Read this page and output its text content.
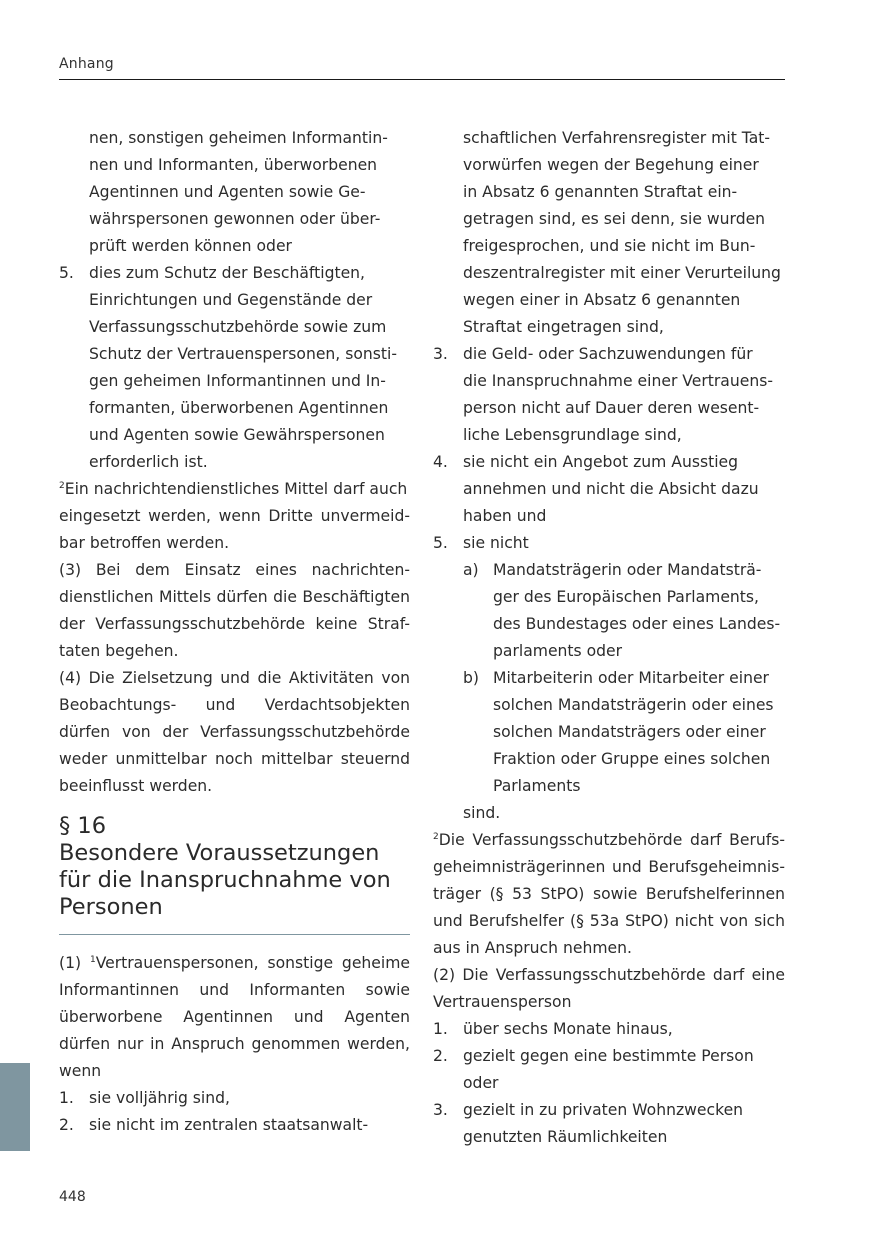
Anhang
448
nen, sonstigen geheimen Informantin-
nen und Informanten, überworbenen
Agentinnen und Agenten sowie Ge-
währspersonen gewonnen oder über-
prüft werden können oder
5. dies zum Schutz der Beschäftigten,
Einrichtungen und Gegenstände der
Verfassungsschutzbehörde sowie zum
Schutz der Vertrauenspersonen, sonsti-
gen geheimen Informantinnen und In-
formanten, überworbenen Agentinnen
und Agenten sowie Gewährspersonen
erforderlich ist.
$^2$Ein nachrichtendienstliches Mittel darf auch
eingesetzt werden, wenn Dritte unvermeid-
bar betroffen werden.
(3) Bei dem Einsatz eines nachrichten-
dienstlichen Mittels dürfen die Beschäftigten
der Verfassungsschutzbehörde keine Straf-
taten begehen.
(4) Die Zielsetzung und die Aktivitäten von
Beobachtungs- und Verdachtsobjekten
dürfen von der Verfassungsschutzbehörde
weder unmittelbar noch mittelbar steuernd
beeinflusst werden.
§ 16
Besondere Voraussetzungen
für die Inanspruchnahme von
Personen
(1) $^1$Vertrauenspersonen, sonstige geheime
Informantinnen und Informanten sowie
überworbene Agentinnen und Agenten
dürfen nur in Anspruch genommen werden,
wenn
1. sie volljährig sind,
2. sie nicht im zentralen staatsanwalt-
schaftlichen Verfahrensregister mit Tat-
vorwürfen wegen der Begehung einer
in Absatz 6 genannten Straftat ein-
getragen sind, es sei denn, sie wurden
freigesprochen, und sie nicht im Bun-
deszentralregister mit einer Verurteilung
wegen einer in Absatz 6 genannten
Straftat eingetragen sind,
3. die Geld- oder Sachzuwendungen für
die Inanspruchnahme einer Vertrauens-
person nicht auf Dauer deren wesent-
liche Lebensgrundlage sind,
4. sie nicht ein Angebot zum Ausstieg
annehmen und nicht die Absicht dazu
haben und
5. sie nicht
a) Mandatsträgerin oder Mandatsträ-
ger des Europäischen Parlaments,
des Bundestages oder eines Landes-
parlaments oder
b) Mitarbeiterin oder Mitarbeiter einer
solchen Mandatsträgerin oder eines
solchen Mandatsträgers oder einer
Fraktion oder Gruppe eines solchen
Parlaments
sind.
$^2$Die Verfassungsschutzbehörde darf Berufs-
geheimnisträgerinnen und Berufsgeheimnis-
träger (§ 53 StPO) sowie Berufshelferinnen
und Berufshelfer (§ 53a StPO) nicht von sich
aus in Anspruch nehmen.
(2) Die Verfassungsschutzbehörde darf eine
Vertrauensperson
1. über sechs Monate hinaus,
2. gezielt gegen eine bestimmte Person
oder
3. gezielt in zu privaten Wohnzwecken
genutzten Räumlichkeiten
